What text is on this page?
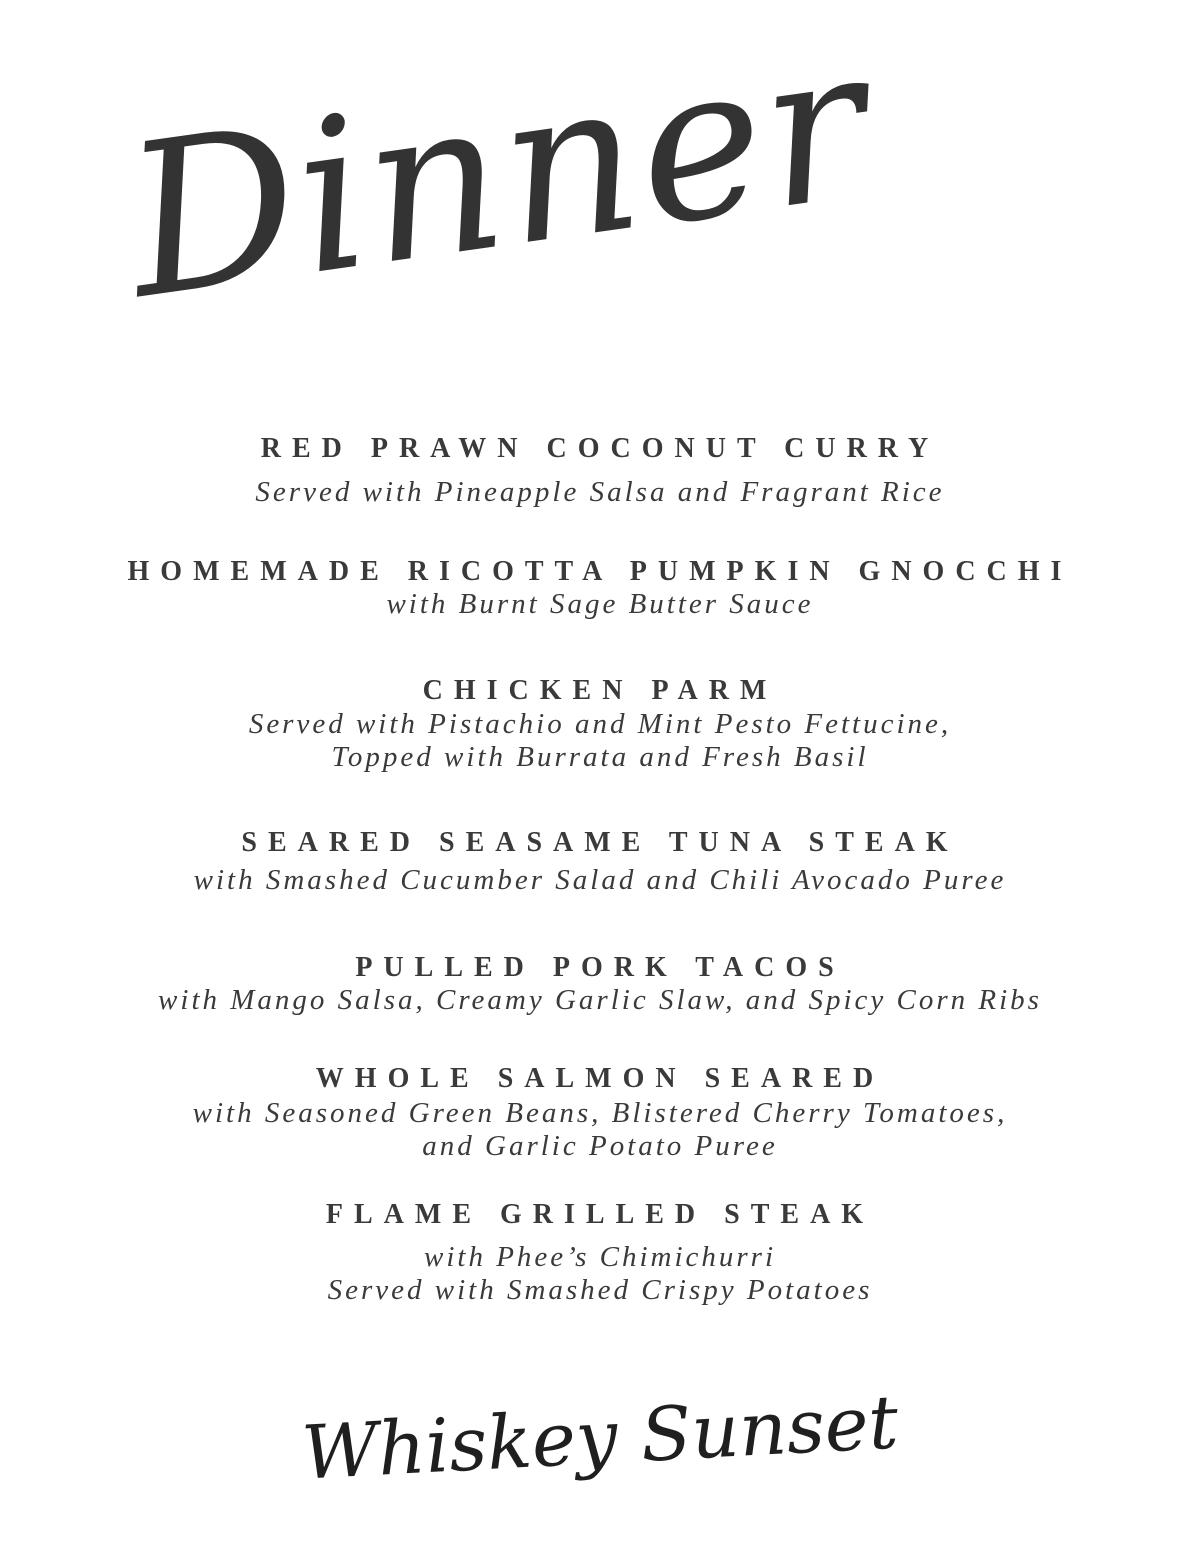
Dinner
RED PRAWN COCONUT CURRY
Served with Pineapple Salsa and Fragrant Rice
HOMEMADE RICOTTA PUMPKIN GNOCCHI
with Burnt Sage Butter Sauce
CHICKEN PARM
Served with Pistachio and Mint Pesto Fettucine,
Topped with Burrata and Fresh Basil
SEARED SEASAME TUNA STEAK
with Smashed Cucumber Salad and Chili Avocado Puree
PULLED PORK TACOS
with Mango Salsa, Creamy Garlic Slaw, and Spicy Corn Ribs
WHOLE SALMON SEARED
with Seasoned Green Beans, Blistered Cherry Tomatoes,
and Garlic Potato Puree
FLAME GRILLED STEAK
with Phee’s Chimichurri
Served with Smashed Crispy Potatoes
Whiskey Sunset
